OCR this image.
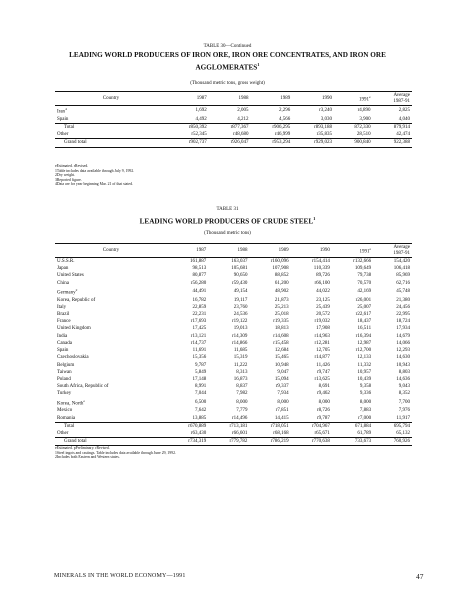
TABLE 30—Continued
LEADING WORLD PRODUCERS OF IRON ORE, IRON ORE CONCENTRATES, AND IRON ORE
AGGLOMERATES$^1$
(Thousand metric tons, gross weight)
Country	1987	1988	1989	1990	1991e	Average
1987-91
Iran$^4$	1,692	2,005	2,296	r3,240	r4,890	2,825
Spain	4,492	4,212	4,566	3,030	3,900	4,040
Total	r850,392	r877,367	r906,295	r893,188	872,330	879,914
Other	r52,345	r48,680	r46,999	r35,835	28,510	42,474
Grand total	r902,737	r926,047	r953,294	r929,023	900,840	922,388
eEstimated. rRevised.
1Table includes data available through July 9, 1992.
2Dry weight.
3Reported figure.
4Data are for year beginning Mar. 21 of that stated.
TABLE 31
LEADING WORLD PRODUCERS OF CRUDE STEEL$^1$
(Thousand metric tons)
Country	1987	1988	1989	1990	1991e	Average
1987-91
U.S.S.R.	161,887	163,037	r160,096	r154,414	r132,666	154,420
Japan	98,513	105,681	107,908	110,339	109,649	106,418
United States	80,877	90,650	88,852	89,726	79,738	85,969
China	r56,280	r59,430	61,200	r66,100	70,570	62,716
Germany$^2$	44,491	49,154	48,902	44,022	42,169	45,748
Korea, Republic of	16,782	19,117	21,873	23,125	r26,001	21,380
Italy	22,859	23,760	25,213	25,439	25,007	24,456
Brazil	22,231	24,536	25,018	20,572	r22,617	22,995
France	r17,693	r19,122	r19,335	r19,032	18,437	18,724
United Kingdom	17,425	19,013	18,813	17,908	16,511	17,934
India	r13,121	r14,309	r14,608	r14,963	r16,394	14,679
Canada	r14,737	r14,866	r15,458	r12,281	12,987	14,066
Spain	11,691	11,685	12,684	12,705	r12,700	12,293
Czechoslovakia	15,356	15,319	15,465	r14,877	12,133	14,630
Belgium	9,787	11,222	10,948	11,426	11,332	10,943
Taiwan	5,849	8,313	9,047	r9,747	10,957	8,803
Poland	17,148	16,873	15,094	r13,625	10,439	14,636
South Africa, Republic of	8,991	8,837	r9,337	8,691	9,358	9,043
Turkey	7,044	7,982	7,934	r9,462	9,336	8,352
Korea, North$^e$	6,500	8,000	8,000	8,000	8,000	7,700
Mexico	7,642	7,779	r7,851	r8,726	7,883	7,976
Romania	13,885	r14,496	14,415	r9,787	r7,000	11,917
Total	r670,889	r713,181	r718,051	r704,967	671,884	695,794
Other	r63,430	r66,601	r68,168	r65,671	61,789	65,132
Grand total	r734,319	r779,782	r786,219	r770,638	733,673	760,926
eEstimated. pPreliminary. rRevised.
1Steel ingots and castings. Table includes data available through June 29, 1992.
2Includes both Eastern and Western states.
MINERALS IN THE WORLD ECONOMY—1991	47
